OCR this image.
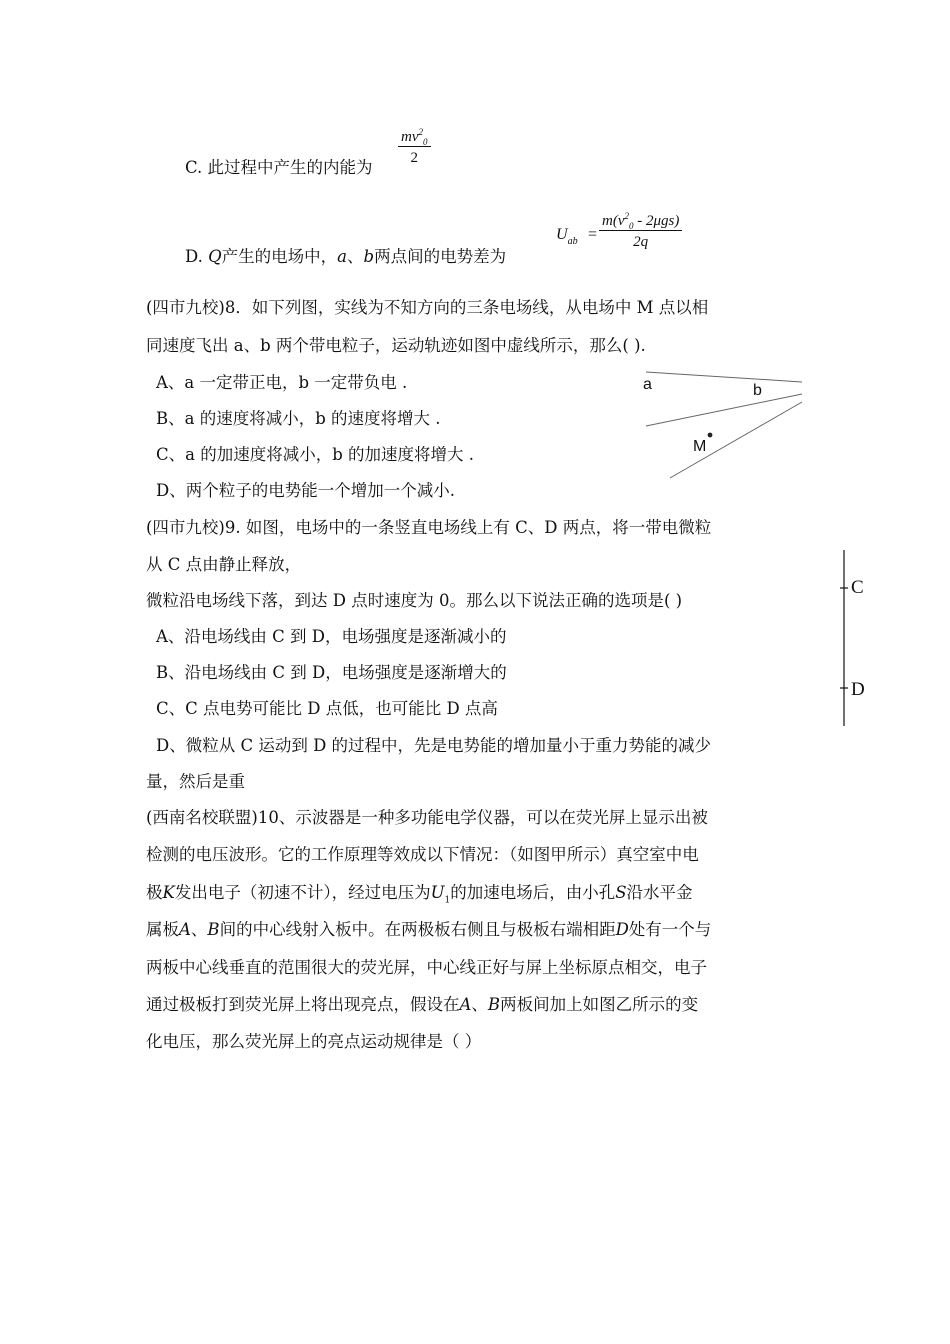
C. 此过程中产生的内能为
$\frac{mv^2_0}{2}$
D. Q产生的电场中，a、b两点间的电势差为
$U_{ab}$ =
$m(v^2_0 - 2\mu gs)$
2q
(四市九校)8．如下列图，实线为不知方向的三条电场线，从电场中 M 点以相
同速度飞出 a、b 两个带电粒子，运动轨迹如图中虚线所示，那么( ).
A、a 一定带正电，b 一定带负电 .
B、a 的速度将减小，b 的速度将增大 .
C、a 的加速度将减小，b 的加速度将增大 .
D、两个粒子的电势能一个增加一个减小.
a	b
M
(四市九校)9. 如图，电场中的一条竖直电场线上有 C、D 两点，将一带电微粒
从 C 点由静止释放，
微粒沿电场线下落，到达 D 点时速度为 0。那么以下说法正确的选项是( )
A、沿电场线由 C 到 D，电场强度是逐渐减小的
B、沿电场线由 C 到 D，电场强度是逐渐增大的
C、C 点电势可能比 D 点低，也可能比 D 点高
D、微粒从 C 运动到 D 的过程中，先是电势能的增加量小于重力势能的减少
量，然后是重
C
D
(西南名校联盟)10、示波器是一种多功能电学仪器，可以在荧光屏上显示出被
检测的电压波形。它的工作原理等效成以下情况：（如图甲所示）真空室中电
极K发出电子（初速不计），经过电压为$U_1$的加速电场后，由小孔S沿水平金
属板A、B间的中心线射入板中。在两极板右侧且与极板右端相距D处有一个与
两板中心线垂直的范围很大的荧光屏，中心线正好与屏上坐标原点相交，电子
通过极板打到荧光屏上将出现亮点，假设在A、B两板间加上如图乙所示的变
化电压，那么荧光屏上的亮点运动规律是（ ）
